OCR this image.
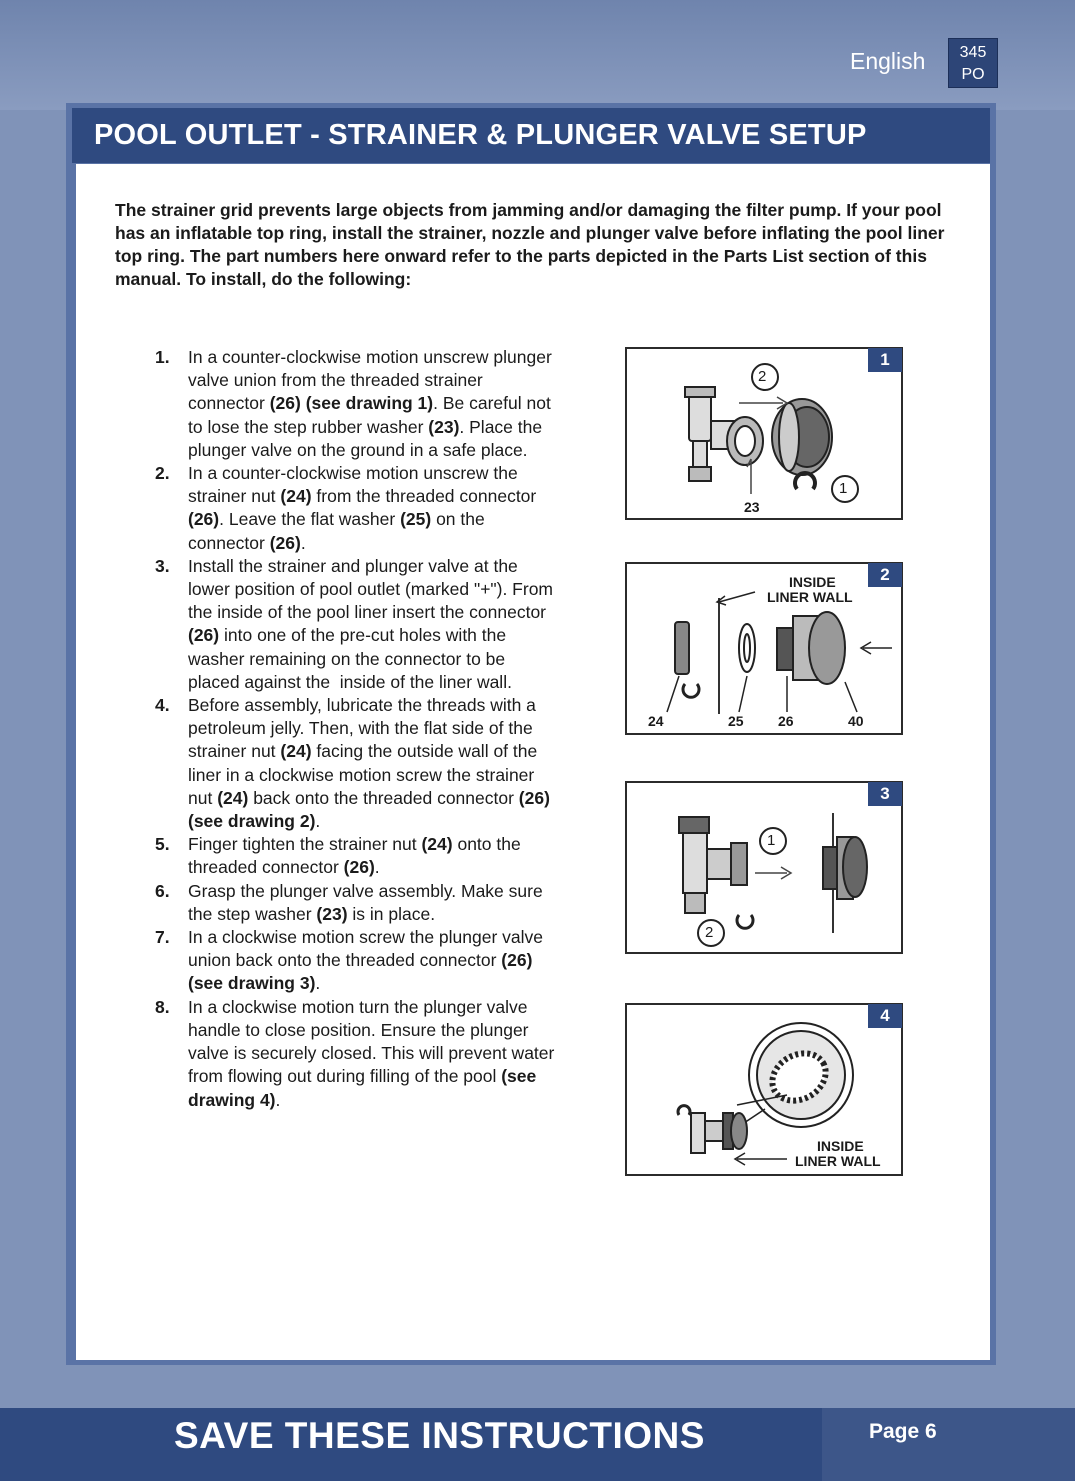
English	345
PO
POOL OUTLET - STRAINER & PLUNGER VALVE SETUP
The strainer grid prevents large objects from jamming and/or damaging the filter pump. If your pool has an inflatable top ring, install the strainer, nozzle and plunger valve before inflating the pool liner top ring. The part numbers here onward refer to the parts depicted in the Parts List section of this manual. To install, do the following:
1. In a counter-clockwise motion unscrew plunger valve union from the threaded strainer connector (26) (see drawing 1). Be careful not to lose the step rubber washer (23). Place the plunger valve on the ground in a safe place.
2. In a counter-clockwise motion unscrew the strainer nut (24) from the threaded connector (26). Leave the flat washer (25) on the connector (26).
3. Install the strainer and plunger valve at the lower position of pool outlet (marked "+"). From the inside of the pool liner insert the connector (26) into one of the pre-cut holes with the washer remaining on the connector to be placed against the  inside of the liner wall.
4. Before assembly, lubricate the threads with a petroleum jelly. Then, with the flat side of the strainer nut (24) facing the outside wall of the liner in a clockwise motion screw the strainer nut (24) back onto the threaded connector (26) (see drawing 2).
5. Finger tighten the strainer nut (24) onto the threaded connector (26).
6. Grasp the plunger valve assembly. Make sure the step washer (23) is in place.
7. In a clockwise motion screw the plunger valve union back onto the threaded connector (26) (see drawing 3).
8. In a clockwise motion turn the plunger valve handle to close position. Ensure the plunger valve is securely closed. This will prevent water from flowing out during filling of the pool (see drawing 4).
1
2
1
23
2
INSIDE
LINER WALL
24	25 26	40
3
1
2
4
INSIDE
LINER WALL
SAVE THESE INSTRUCTIONS	Page 6
